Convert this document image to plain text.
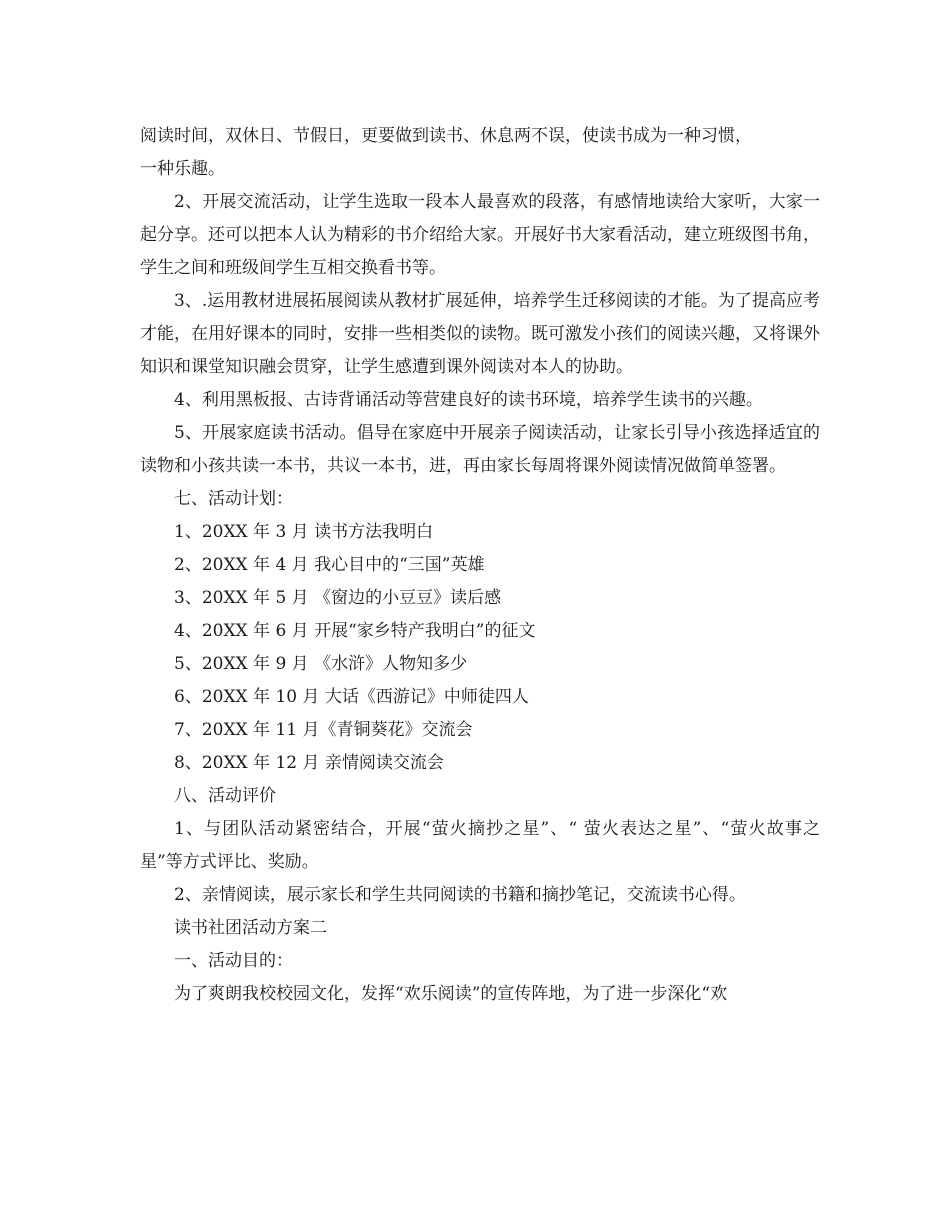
阅读时间，双休日、节假日，更要做到读书、休息两不误，使读书成为一种习惯，
一种乐趣。

2、开展交流活动，让学生选取一段本人最喜欢的段落，有感情地读给大家听，大家一起分享。还可以把本人认为精彩的书介绍给大家。开展好书大家看活动，建立班级图书角，学生之间和班级间学生互相交换看书等。

3、.运用教材进展拓展阅读从教材扩展延伸，培养学生迁移阅读的才能。为了提高应考才能，在用好课本的同时，安排一些相类似的读物。既可激发小孩们的阅读兴趣，又将课外知识和课堂知识融会贯穿，让学生感遭到课外阅读对本人的协助。

4、利用黑板报、古诗背诵活动等营建良好的读书环境，培养学生读书的兴趣。

5、开展家庭读书活动。倡导在家庭中开展亲子阅读活动，让家长引导小孩选择适宜的读物和小孩共读一本书，共议一本书，进，再由家长每周将课外阅读情况做简单签署。

七、活动计划：

1、20XX 年 3 月 读书方法我明白

2、20XX 年 4 月 我心目中的“三国”英雄

3、20XX 年 5 月 《窗边的小豆豆》读后感

4、20XX 年 6 月 开展“家乡特产我明白”的征文

5、20XX 年 9 月 《水浒》人物知多少

6、20XX 年 10 月 大话《西游记》中师徒四人

7、20XX 年 11 月《青铜葵花》交流会

8、20XX 年 12 月 亲情阅读交流会

八、活动评价

1、与团队活动紧密结合，开展“萤火摘抄之星”、“ 萤火表达之星”、“萤火故事之星”等方式评比、奖励。

2、亲情阅读，展示家长和学生共同阅读的书籍和摘抄笔记，交流读书心得。

读书社团活动方案二

一、活动目的：

为了爽朗我校校园文化，发挥“欢乐阅读”的宣传阵地，为了进一步深化“欢
